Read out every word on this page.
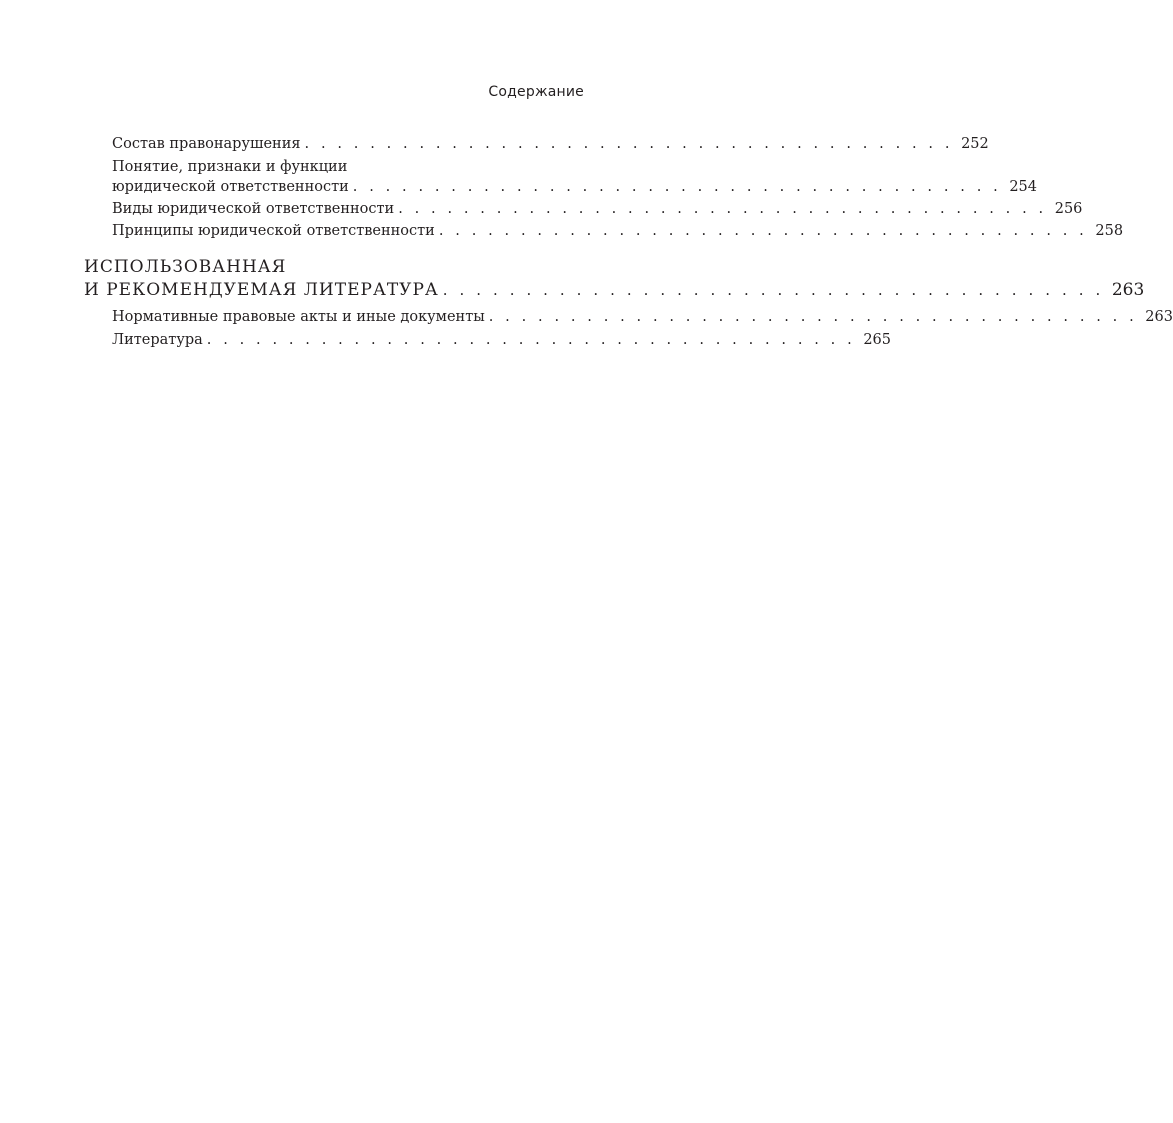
Содержание
Состав правонарушения . . . . . . . . . . . . . . . . . . . . . . . . . . . . . . . . . . . . . . . . 252
Понятие, признаки и функции
юридической ответственности . . . . . . . . . . . . . . . . . . . . . . . . . . . . . . . . . . . . . . . . 254
Виды юридической ответственности . . . . . . . . . . . . . . . . . . . . . . . . . . . . . . . . . . . . . . . . 256
Принципы юридической ответственности . . . . . . . . . . . . . . . . . . . . . . . . . . . . . . . . . . . . . . . . 258
ИСПОЛЬЗОВАННАЯ
И РЕКОМЕНДУЕМАЯ ЛИТЕРАТУРА . . . . . . . . . . . . . . . . . . . . . . . . . . . . . . . . . . . . . . . . 263
Нормативные правовые акты и иные документы . . . . . . . . . . . . . . . . . . . . . . . . . . . . . . . . . . . . . . . . 263
Литература . . . . . . . . . . . . . . . . . . . . . . . . . . . . . . . . . . . . . . . . 265
